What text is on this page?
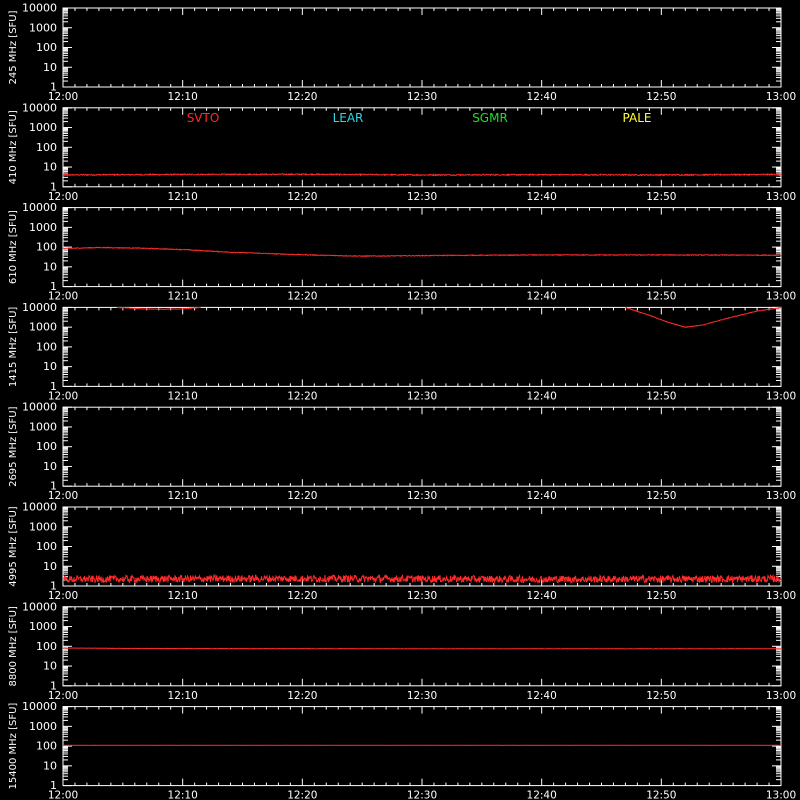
1
10
100
1000
10000
245 MHz [SFU]
12:00	12:10	12:20	12:30	12:40	12:50	13:00
1
10
100
1000
10000
410 MHz [SFU]
12:00	12:10	12:20	12:30	12:40	12:50	13:00
SVTO	LEAR	SGMR	PALE
1
10
100
1000
10000
610 MHz [SFU]
12:00	12:10	12:20	12:30	12:40	12:50	13:00
1
10
100
1000
10000
1415 MHz [SFU]
12:00	12:10	12:20	12:30	12:40	12:50	13:00
1
10
100
1000
10000
2695 MHz [SFU]
12:00	12:10	12:20	12:30	12:40	12:50	13:00
1
10
100
1000
10000
4995 MHz [SFU]
12:00	12:10	12:20	12:30	12:40	12:50	13:00
1
10
100
1000
10000
8800 MHz [SFU]
12:00	12:10	12:20	12:30	12:40	12:50	13:00
1
10
100
1000
10000
15400 MHz [SFU]
12:00	12:10	12:20	12:30	12:40	12:50	13:00
